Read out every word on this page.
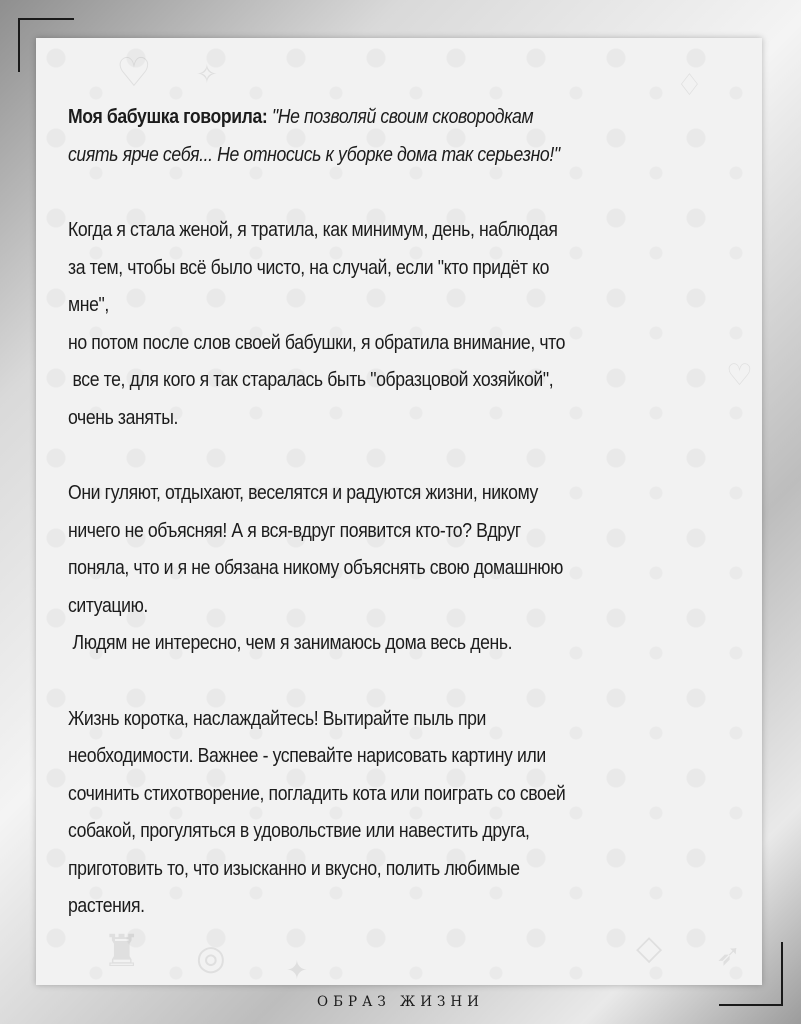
♡ ✧	♢
♡
♜ ◎ ✦
◇ ➶

Моя бабушка говорила: "Не позволяй своим сковородкам

сиять ярче себя... Не относись к уборке дома так серьезно!"

Когда я стала женой, я тратила, как минимум, день, наблюдая

за тем, чтобы всё было чисто, на случай, если "кто придёт ко

мне",

но потом после слов своей бабушки, я обратила внимание, что

все те, для кого я так старалась быть "образцовой хозяйкой",

очень заняты.

Они гуляют, отдыхают, веселятся и радуются жизни, никому

ничего не объясняя! А я вся-вдруг появится кто-то? Вдруг

поняла, что и я не обязана никому объяснять свою домашнюю

ситуацию.

Людям не интересно, чем я занимаюсь дома весь день.

Жизнь коротка, наслаждайтесь! Вытирайте пыль при

необходимости. Важнее - успевайте нарисовать картину или

сочинить стихотворение, погладить кота или поиграть со своей

собакой, прогуляться в удовольствие или навестить друга,

приготовить то, что изысканно и вкусно, полить любимые

растения.

ОБРАЗ ЖИЗНИ
